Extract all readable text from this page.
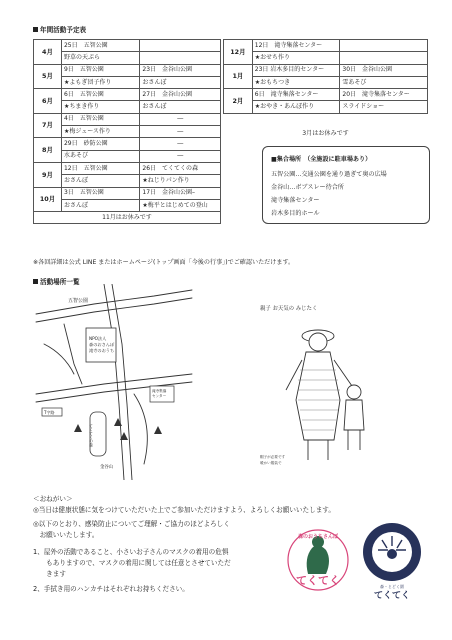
年間活動予定表
4月	25日　五智公園	
	野草の天ぷら	
5月	9日　五智公園	23日　金谷山公園
	★よもぎ団子作り	おさんぽ
6月	6日　五智公園	27日　金谷山公園
	★ちまき作り	おさんぽ
7月	4日　五智公園	―
	★梅ジュース作り	―
8月	29日　砂防公園	―
	水あそび	―
9月	12日　五智公園	26日　てくてくの森
	おさんぽ	★ねじりパン作り
10月	3日　五智公園	17日　金谷山公園–
	おさんぽ	★梅平とはじめての登山
11月はお休みです		
12月	12日　滝寺集落センター	
	★おせち作り	
1月	23日 岩木多目的センター	30日　金谷山公園
	★おもちつき	雪あそび
2月	6日　滝寺集落センター	20日　滝寺集落センター
	★おやき・あんぼ作り	スライドショー
3月はお休みです
■集合場所　（全施設に駐車場あり）
五智公園…交通公園を通り過ぎて奥の広場
金谷山…ボブスレー待合所
滝寺集落センター
岩木多目的ホール
※各回詳細は公式 LINE またはホームページ(トップ画面「今後の行事」)でご確認いただけます。
活動場所一覧
五智公園
NPO法人 森のおさんぽ 滝寺のおうち
滝寺集落 センター
T字路
てくてくの森
金谷山
親子 お天気の みじたく
帽子が必要です 暖かい服装で
＜おねがい＞
◎当日は健康状態に気をつけていただいた上でご参加いただけますよう、よろしくお願いいたします。
◎以下のとおり、感染防止についてご理解・ご協力のほどよろしく
　お願いいたします。
1、屋外の活動であること、小さいお子さんのマスクの着用の危惧
　　もありますので、マスクの着用に関しては任意とさせていただ
　　きます
2、手拭き用のハンカチはそれぞれお持ちください。
森のおうちさんぽ
てくてく	森・とどく園
てくてく
